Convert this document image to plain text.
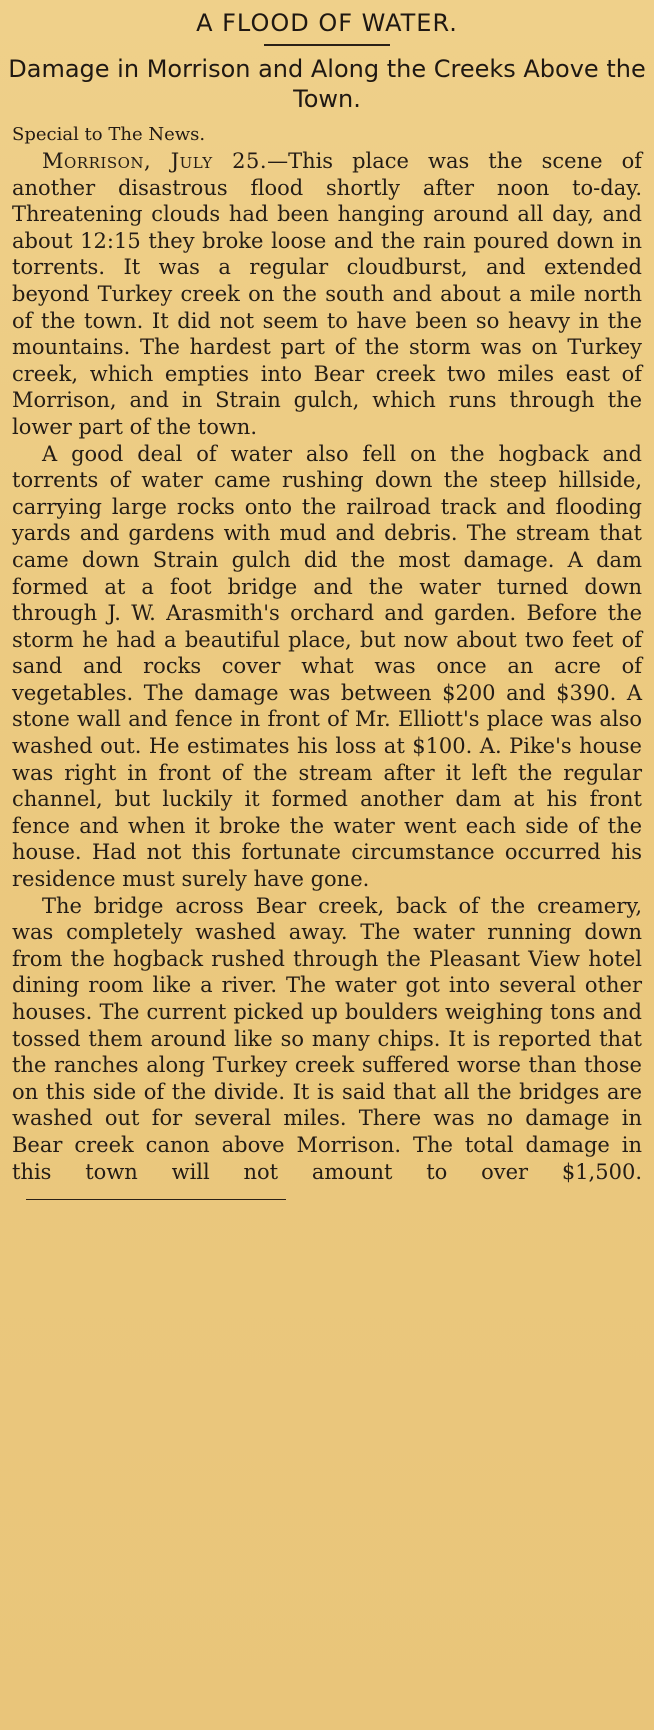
A FLOOD OF WATER.
Damage in Morrison and Along the Creeks Above the Town.
Special to The News.

Morrison, July 25.—This place was the scene of another disastrous flood shortly after noon to-day. Threatening clouds had been hanging around all day, and about 12:15 they broke loose and the rain poured down in torrents. It was a regular cloudburst, and extended beyond Turkey creek on the south and about a mile north of the town. It did not seem to have been so heavy in the mountains. The hardest part of the storm was on Turkey creek, which empties into Bear creek two miles east of Morrison, and in Strain gulch, which runs through the lower part of the town.

A good deal of water also fell on the hogback and torrents of water came rushing down the steep hillside, carrying large rocks onto the railroad track and flooding yards and gardens with mud and debris. The stream that came down Strain gulch did the most damage. A dam formed at a foot bridge and the water turned down through J. W. Arasmith's orchard and garden. Before the storm he had a beautiful place, but now about two feet of sand and rocks cover what was once an acre of vegetables. The damage was between $200 and $390. A stone wall and fence in front of Mr. Elliott's place was also washed out. He estimates his loss at $100. A. Pike's house was right in front of the stream after it left the regular channel, but luckily it formed another dam at his front fence and when it broke the water went each side of the house. Had not this fortunate circumstance occurred his residence must surely have gone.

The bridge across Bear creek, back of the creamery, was completely washed away. The water running down from the hogback rushed through the Pleasant View hotel dining room like a river. The water got into several other houses. The current picked up boulders weighing tons and tossed them around like so many chips. It is reported that the ranches along Turkey creek suffered worse than those on this side of the divide. It is said that all the bridges are washed out for several miles. There was no damage in Bear creek canon above Morrison. The total damage in this town will not amount to over $1,500.
